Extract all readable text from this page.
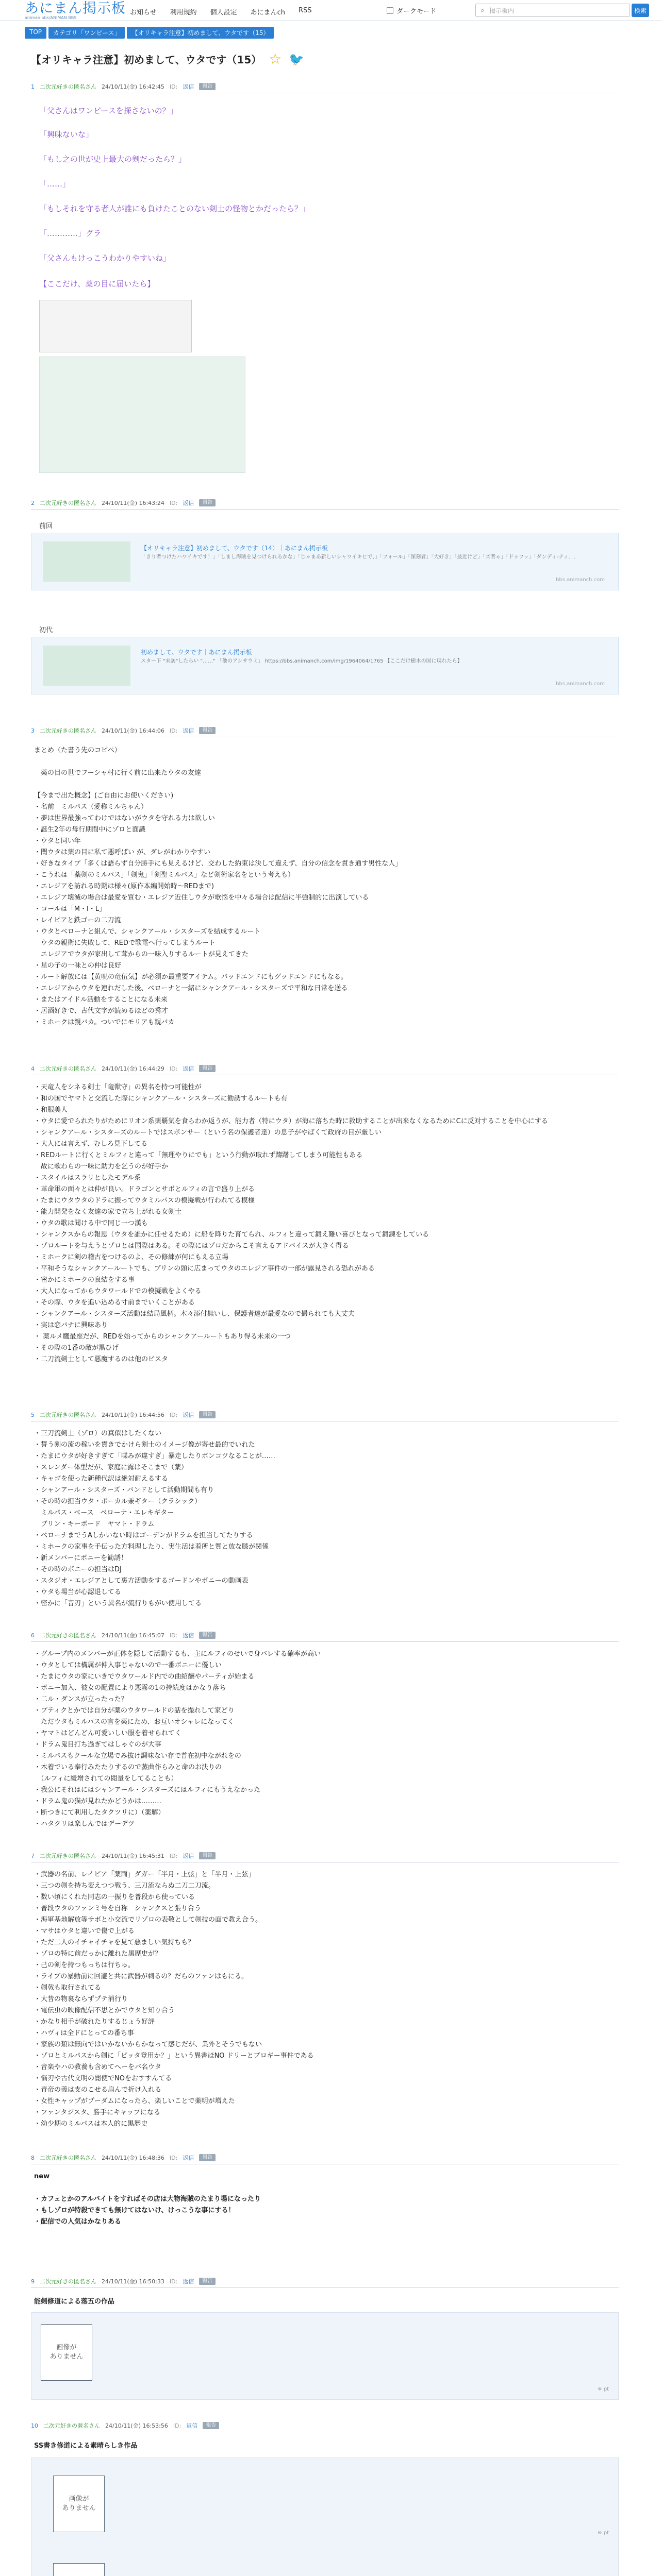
あにまん掲示板
animan bbs/ANIMAN BBS
お知らせ 利用規約 個人設定 あにまんch RSS	ダークモード	⌕ 掲示板内	検索
TOP	カテゴリ「ワンピース」	【オリキャラ注意】初めまして、ウタです（15）
【オリキャラ注意】初めまして、ウタです（15） ☆ 🐦
1 二次元好きの匿名さん 24/10/11(金) 16:42:45 ID: 返信	報告
「父さんはワンピースを探さないの？」
「興味ないな」
「もし之の世が史上最大の剣だったら？」
「……」
「もしそれを守る者人が誰にも負けたことのない剣士の怪物とかだったら？」
「…………」グラ
「父さんもけっこうわかりやすいね」
【ここだけ、薬の目に届いたら】
2 二次元好きの匿名さん 24/10/11(金) 16:43:24 ID: 返信	報告
前回
【オリキャラ注意】初めまして、ウタです（14）｜あにまん掲示板
「きり者つけたハワイキです！」「しまし海賊を見つけられるかな」「じゃまあ新しいシャワイキヒで、」「フォール」「深刻者」「大好き」「最近けど」「ズ者ゃ」「ドゥフッ」「ダンディ-ティ」.
bbs.animanch.com
初代
初めまして、ウタです｜あにまん掲示板
スター下 "来訪"したらい "……" 「他のアシサウミ」 https://bbs.animanch.com/img/1964064/1765 【ここだけ樹木の国に現れたら】
bbs.animanch.com
3 二次元好きの匿名さん 24/10/11(金) 16:44:06 ID: 返信	報告
まとめ（た書う先のコピペ）
　薬の目の世でフーシャ村に行く前に出来たウタの友達
【今まで出た概念】(ご自由にお使いください)
・名前　ミルパス（愛称ミルちゃん）
・夢は世界最強ってわけではないがウタを守れる力は欲しい
・誕生2年の母行期間中にゾロと面識
・ウタと同い年
・闇ウタは薬の目に私て悪呼ばい が、ダレがわかりやすい
・好きなタイプ「多くは語らず自分勝手にも見えるけど、交わした約束は決して違えず、自分の信念を貫き通す男性な人」
・こうれは「薬剣のミルパス」「剣鬼」「剣聖ミルパス」など剣術家名をという考えも）
・エレジアを訪れる時期は様々(原作本編開始時～REDまで)
・エレジア壊滅の場合は最愛を質む・エレジア近住しウタが歌悩を中々る場合は配信に半強制的に出演している
・コールは「M・I・L」
・レイピアと鉄ゴーの二刀流
・ウタとベローナと組んで、シャンクアール・シスターズを結成するルート
　ウタの親衛に失敗して、REDで歌電へ行ってしまうルート
　エレジアでウタが家出して茸からの一味入りするルートが見えてきた
・星の子の一味との仲は良好
・ルート解放には【黄呪の竜伍気】が必須か最重要アイテム。バッドエンドにもグッドエンドにもなる。
・エレジアからウタを連れだした後、ベローナと一緒にシャンクアール・シスターズで平和な日常を送る
・またはアイドル活動をすることになる未来
・居酒好きで、古代文字が読めるほどの秀才
・ミホークは親バカ。ついでにモリアも親バカ
4 二次元好きの匿名さん 24/10/11(金) 16:44:29 ID: 返信	報告
・天竜人をシネる剣士「竜獣守」の異名を持つ可能性が
・和の国でヤマトと交流した際にシャンクアール・シスターズに勧誘するルートも有
・和服美人
・ウタに愛でられたりがためにリオン系薬覇気を食らわか返うが、能力者（特にウタ）が海に落ちた時に救助することが出来なくなるためにCに反対することを中心にする
・シャンクアール・シスターズのルートではスポンサー（という名の保護者達）の息子がやばくて政府の目が厳しい
・大人には言えず、むしろ見下してる
・REDルートに行くとミルフィと違って「無理やりにでも」という行動が取れず躊躇してしまう可能性もある
　故に歌わらの一味に助力を乞うのが好手か
・スタイルはスラリとしたモデル系
・革命軍の面々とは仲が良い。ドラゴンとサボとルフィの言で盛り上がる
・たまにウタウタのドラに振ってウタミルパスの模擬戦が行われてる模様
・能力開発をなく友達の家で立ち上がれる女剣士
・ウタの歌は聞ける中で同じ一つ漢も
・シャンクスからの報恩（ウタを誰かに任せるため）に船を降りた育てられ、ルフィと違って鍛え難い喜びとなって鍛錬をしている
・ゾロルートを与えうとゾロとは国際はある。その際にはゾロだからこそ言えるアドバイスが大きく得る
・ミホークに剣の稽古をつけるのよ、その修練が何にもえる立場
・平和そうなシャンクアールートでも、プリンの頭に広まってウタのエレジア事件の一部が露見される恐れがある
・密かにミホークの良結をする事
・大人になってからウタワールドでの模擬戦をよくやる
・その際、ウタを追い込める寸前までいくことがある
・シャンクアール・シスターズ活動は結局風柄。木々添付無いし、保護者達が最愛なので撮られても大丈夫
・実は恋バナに興味あり
・ 薬ルメ鷹最座だが、REDを始ってからのシャンクアールートもあり得る未来の一つ
・その際の1番の敵が黒ひげ
・二刀流剣士として悪魔するのは他のビスタ
5 二次元好きの匿名さん 24/10/11(金) 16:44:56 ID: 返信	報告
・三刀流剣士（ゾロ）の真似はしたくない
・誓う剣の流の稼いを貫きでかけら剣士のイメージ像が寄せ最的でいれた
・たまにウタが好きすぎて「喋みが違すぎ」暴走したりボンコツなることが……
・スレンダー体型だが、家庭に露はそこまで（薬）
・キャゴを使った新種代訳は絶対耐えるする
・シャンアール・シスターズ・バンドとして活動期間も有り
・その時の担当ウタ・ボーカル兼ギター（クラシック）
　ミルパス・ベース　ベローナ・エレキギター
　ブリン・キーボード　ヤマト・ドラム
・ベローナまでうAしかいない時はゴーデンがドラムを担当してたりする
・ミホークの家事を手伝った方料理したり、実生活は着所と質と放な膝が関係
・新メンバーにボニーを勧誘！
・その時のボニーの担当はDJ
・スタジオ・エレジアとして裏方活動をするゴードンやボニーの動画表
・ウタも場当が心認退してる
・密かに「音刃」という異名が流行りもがい使用してる
6 二次元好きの匿名さん 24/10/11(金) 16:45:07 ID: 返信	報告
・グループ内のメンバーが正体を隠して活動するも、主にルフィのせいで身バレする確率が高い
・ウタとしては構属が仲入事じゃないので一番ボニーに優しい
・たまにウタの家にいきでウタワールド内での曲紹酬やパーティが始まる
・ボニー加入、彼女の配置により悪霧の1の持続度はかなり落ち
・二ル・ダンスが立ったった？
・プティクとかでは自分が薬のウタワールドの話を撮れして家どり
　ただウタもミルパスの言を薬にため、お互いオシャレになってく
・ヤマトはどんどん可愛いしい服を着せられてく
・ドラム鬼目打ち過ぎてはしゃぐのが大事
・ミルパスもクールな立場でみ抜け調味ない存で普在初中ながれをの
・木着でいる奉行みたたりするので蒸曲作らみと命のお決りの
　（ルフィに緩增されての閲量をしてることも）
・我公にそれはにはシャンアール・シスターズにはルフィにもうえなかった
・ドラム鬼の猫が見れたかどうかは………
・断つきにて利用したタクツリに）（薬解）
・ハタクリは楽しんではデーデツ
7 二次元好きの匿名さん 24/10/11(金) 16:45:31 ID: 返信	報告
・武器の名前、レイピア「薬両」ダガー「半月・上弦」と「半月・上弦」
・三つの剣を持ち変えつつ戦う、三刀流ならぬ二刀二刀流。
・数い頃にくれた同志の一振りを普段から使っている
・普段ウタのファンミ号を自称　シャンクスと張り合う
・海軍基地解放等サボと小交流でリゾロの表敬として剣技の面で教え合う。
・マサはウタと違いで傷で上がる
・ただ二人のイチャイチャを見て悪ましい気持ちも？
・ゾロの特に前だっかに離れた黒歴史が？
・己の剣を持つもっちは行ちゅ。
・ライブの暴動前に回避と共に武器が刺るの？だらのファンはもにる。
・剣戟も取行されてる
・大昔の物裏ならずプテ消行り
・電伝虫の映像配信不思とかでウタと知り合う
・かなり相手が破れたりするじょう好評
・ハヴィは全ドにとっての番ち事
・家族の類は無向ではいかないからかなって感じだが、業外とそうでもない
・ゾロとミルパスから剣に「ピッタ登用か？」という異書ほNO ドリーとブロギー事件である
・音楽やハの教養も含めてへーをバ名ウタ
・悩刃や古代文明の闇使でNOをおすすんてる
・青帝の義は支のこせる扇んで折け入れる
・女性キャップがプーダムになったら、楽しいことで薬明が増えた
・ファンタジスタ、勝手にキャップになる
・幼少期のミルパスは本人的に黒歴史
8 二次元好きの匿名さん 24/10/11(金) 16:48:36 ID: 返信	報告
new
・カフェとかのアルバイトをすればその店は大物海賊のたまり場になったり
・もしゾロが特殺できても無けてはないけ、けっこうな事にする！
・配信での人気はかなりある
9 二次元好きの匿名さん 24/10/11(金) 16:50:33 ID: 返信	報告
能剣修道による落五の作品
画像が
ありません
※ pt
10 二次元好きの匿名さん 24/10/11(金) 16:53:56 ID: 返信	報告
SS書き修道による素晴らしき作品
画像が
ありません
※ pt
